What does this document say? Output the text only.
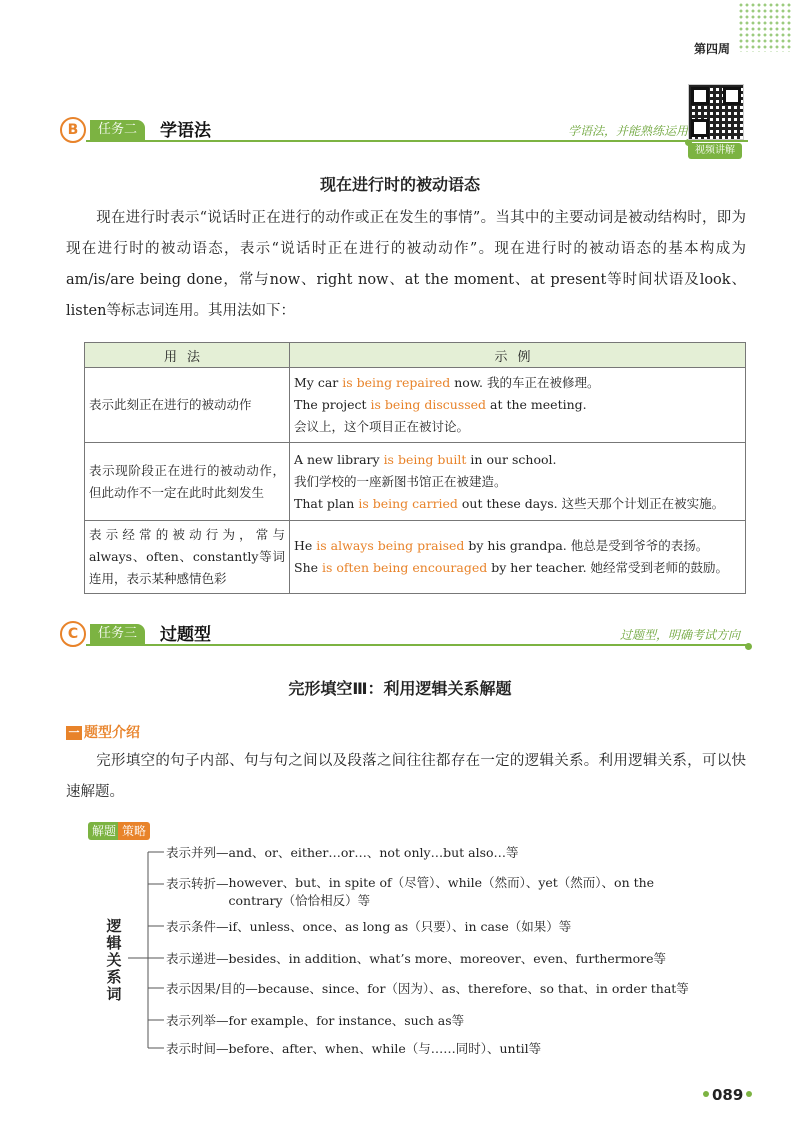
第四周
B	任务二	学语法	学语法，并能熟练运用
视频讲解
现在进行时的被动语态
现在进行时表示“说话时正在进行的动作或正在发生的事情”。当其中的主要动词是被动结构时，即为现在进行时的被动语态，表示“说话时正在进行的被动动作”。现在进行时的被动语态的基本构成为am/is/are being done，常与now、right now、at the moment、at present等时间状语及look、listen等标志词连用。其用法如下：
用法	示例
表示此刻正在进行的被动动作	My car is being repaired now. 我的车正在被修理。
The project is being discussed at the meeting.
会议上，这个项目正在被讨论。

表示现阶段正在进行的被动动作，但此动作不一定在此时此刻发生	A new library is being built in our school.
我们学校的一座新图书馆正在被建造。
That plan is being carried out these days. 这些天那个计划正在被实施。

表示经常的被动行为，常与always、often、constantly等词连用，表示某种感情色彩	He is always being praised by his grandpa. 他总是受到爷爷的表扬。
She is often being encouraged by her teacher. 她经常受到老师的鼓励。
C	任务三	过题型	过题型，明确考试方向
完形填空Ⅲ：利用逻辑关系解题
一 题型介绍
完形填空的句子内部、句与句之间以及段落之间往往都存在一定的逻辑关系。利用逻辑关系，可以快速解题。
解题 策略
逻辑关系词
表示并列—and、or、either…or…、not only…but also…等
表示转折—however、but、in spite of（尽管）、while（然而）、yet（然而）、on the contrary（恰恰相反）等
表示条件—if、unless、once、as long as（只要）、in case（如果）等
表示递进—besides、in addition、what’s more、moreover、even、furthermore等
表示因果/目的—because、since、for（因为）、as、therefore、so that、in order that等
表示列举—for example、for instance、such as等
表示时间—before、after、when、while（与……同时）、until等
089
